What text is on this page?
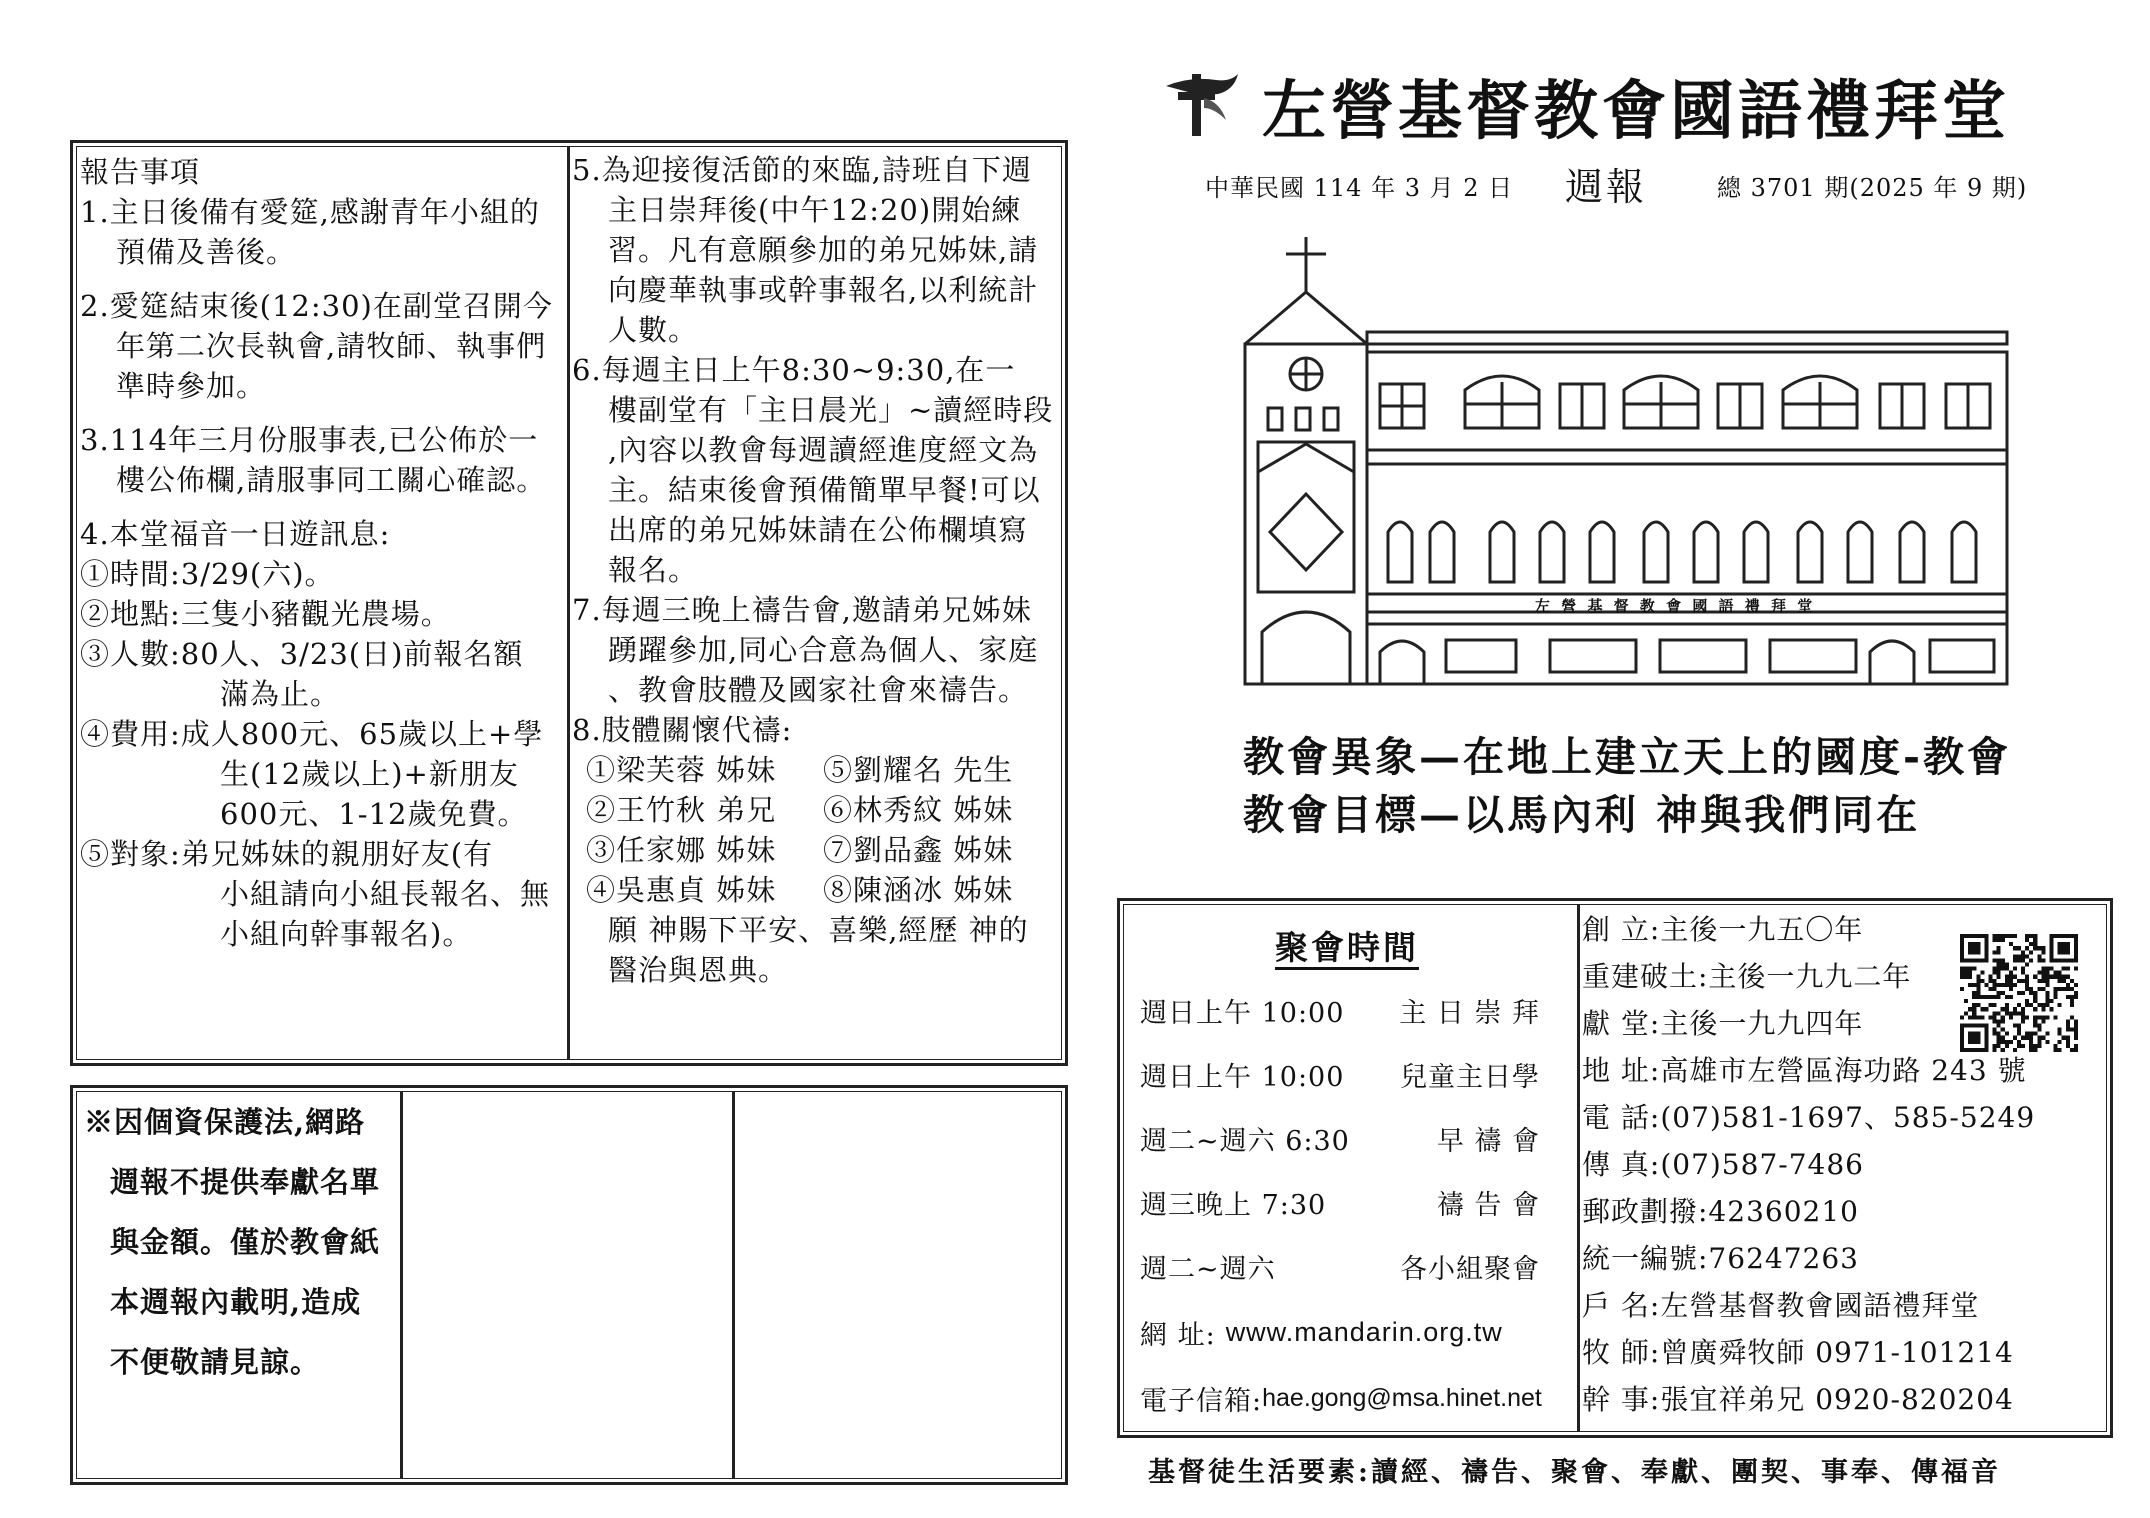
報告事項
1.主日後備有愛筵,感謝青年小組的
預備及善後。
2.愛筵結束後(12:30)在副堂召開今
年第二次長執會,請牧師、執事們
準時參加。
3.114年三月份服事表,已公佈於一
樓公佈欄,請服事同工關心確認。
4.本堂福音一日遊訊息:
①時間:3/29(六)。
②地點:三隻小豬觀光農場。
③人數:80人、3/23(日)前報名額
滿為止。
④費用:成人800元、65歲以上+學
生(12歲以上)+新朋友
600元、1-12歲免費。
⑤對象:弟兄姊妹的親朋好友(有
小組請向小組長報名、無
小組向幹事報名)。
5.為迎接復活節的來臨,詩班自下週
主日崇拜後(中午12:20)開始練
習。凡有意願參加的弟兄姊妹,請
向慶華執事或幹事報名,以利統計
人數。
6.每週主日上午8:30~9:30,在一
樓副堂有「主日晨光」~讀經時段
,內容以教會每週讀經進度經文為
主。結束後會預備簡單早餐!可以
出席的弟兄姊妹請在公佈欄填寫
報名。
7.每週三晚上禱告會,邀請弟兄姊妹
踴躍參加,同心合意為個人、家庭
、教會肢體及國家社會來禱告。
8.肢體關懷代禱:
①梁芙蓉 姊妹	⑤劉耀名 先生
②王竹秋 弟兄	⑥林秀紋 姊妹
③任家娜 姊妹	⑦劉品鑫 姊妹
④吳惠貞 姊妹	⑧陳涵冰 姊妹
願 神賜下平安、喜樂,經歷 神的
醫治與恩典。
※因個資保護法,網路
週報不提供奉獻名單
與金額。僅於教會紙
本週報內載明,造成
不便敬請見諒。
左營基督教會國語禮拜堂
中華民國 114 年 3 月 2 日 週報	總 3701 期(2025 年 9 期)
左 營 基 督 教 會 國 語 禮 拜 堂
教會異象—在地上建立天上的國度-教會
教會目標—以馬內利 神與我們同在
聚會時間
週日上午 10:00 主 日 崇 拜
週日上午 10:00 兒童主日學
週二~週六 6:30	早 禱 會
週三晚上 7:30	禱 告 會
週二~週六	各小組聚會
網 址: www.mandarin.org.tw
電子信箱: hae.gong@msa.hinet.net
創 立:主後一九五〇年
重建破土:主後一九九二年
獻 堂:主後一九九四年
地 址:高雄市左營區海功路 243 號
電 話:(07)581-1697、585-5249
傳 真:(07)587-7486
郵政劃撥:42360210
統一編號:76247263
戶 名:左營基督教會國語禮拜堂
牧 師:曾廣舜牧師 0971-101214
幹 事:張宜祥弟兄 0920-820204
基督徒生活要素:讀經、禱告、聚會、奉獻、團契、事奉、傳福音
